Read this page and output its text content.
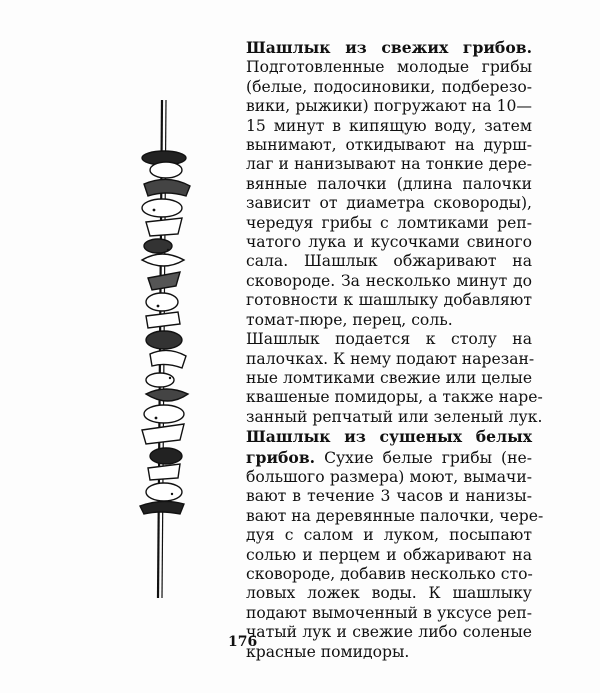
Шашлык из свежих грибов.
Подготовленные молодые грибы
(белые, подосиновики, подберезо-
вики, рыжики) погружают на 10—
15 минут в кипящую воду, затем
вынимают, откидывают на дурш-
лаг и нанизывают на тонкие дере-
вянные палочки (длина палочки
зависит от диаметра сковороды),
чередуя грибы с ломтиками реп-
чатого лука и кусочками свиного
сала. Шашлык обжаривают на
сковороде. За несколько минут до
готовности к шашлыку добавляют
томат-пюре, перец, соль.

Шашлык подается к столу на
палочках. К нему подают нарезан-
ные ломтиками свежие или целые
квашеные помидоры, а также наре-
занный репчатый или зеленый лук.

Шашлык из сушеных белых
грибов. Сухие белые грибы (не-
большого размера) моют, вымачи-
вают в течение 3 часов и нанизы-
вают на деревянные палочки, чере-
дуя с салом и луком, посыпают
солью и перцем и обжаривают на
сковороде, добавив несколько сто-
ловых ложек воды. К шашлыку
подают вымоченный в уксусе реп-
чатый лук и свежие либо соленые
красные помидоры.

176
